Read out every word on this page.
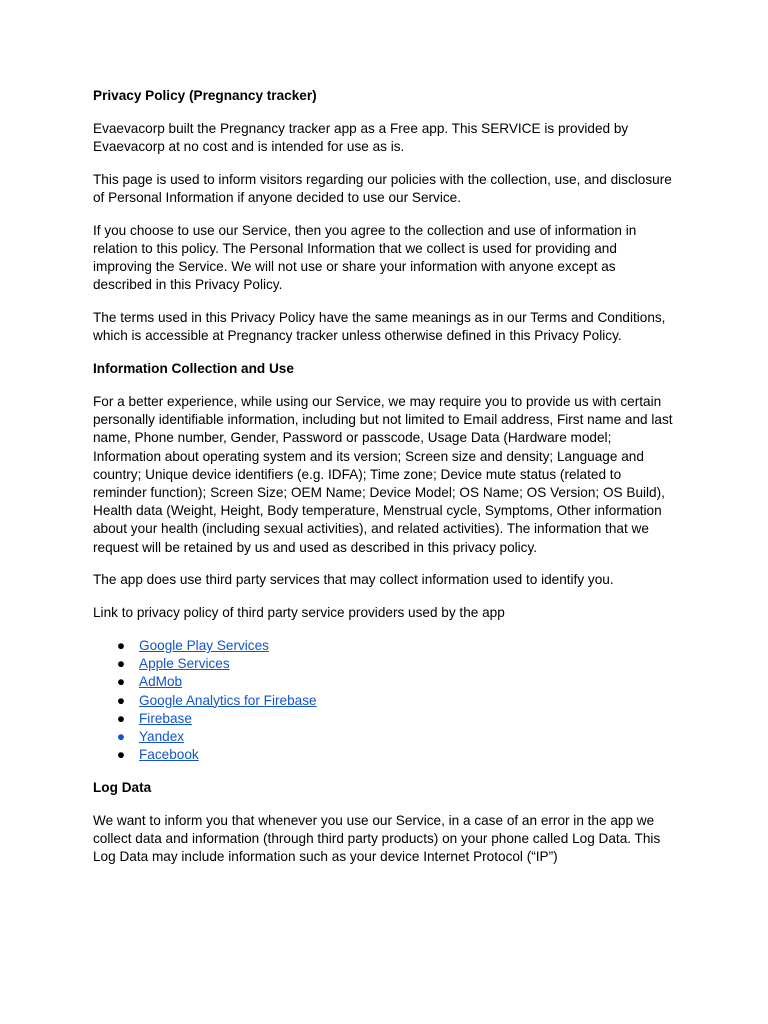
Privacy Policy (Pregnancy tracker)
Evaevacorp built the Pregnancy tracker app as a Free app. This SERVICE is provided by Evaevacorp at no cost and is intended for use as is.
This page is used to inform visitors regarding our policies with the collection, use, and disclosure of Personal Information if anyone decided to use our Service.
If you choose to use our Service, then you agree to the collection and use of information in relation to this policy. The Personal Information that we collect is used for providing and improving the Service. We will not use or share your information with anyone except as described in this Privacy Policy.
The terms used in this Privacy Policy have the same meanings as in our Terms and Conditions, which is accessible at Pregnancy tracker unless otherwise defined in this Privacy Policy.
Information Collection and Use
For a better experience, while using our Service, we may require you to provide us with certain personally identifiable information, including but not limited to Email address, First name and last name, Phone number, Gender, Password or passcode, Usage Data (Hardware model; Information about operating system and its version; Screen size and density; Language and country; Unique device identifiers (e.g. IDFA); Time zone; Device mute status (related to reminder function); Screen Size; OEM Name; Device Model; OS Name; OS Version; OS Build), Health data (Weight, Height, Body temperature, Menstrual cycle, Symptoms, Other information about your health (including sexual activities), and related activities). The information that we request will be retained by us and used as described in this privacy policy.
The app does use third party services that may collect information used to identify you.
Link to privacy policy of third party service providers used by the app
● Google Play Services
● Apple Services
● AdMob
● Google Analytics for Firebase
● Firebase
● Yandex
● Facebook
Log Data
We want to inform you that whenever you use our Service, in a case of an error in the app we collect data and information (through third party products) on your phone called Log Data. This Log Data may include information such as your device Internet Protocol (“IP”)
